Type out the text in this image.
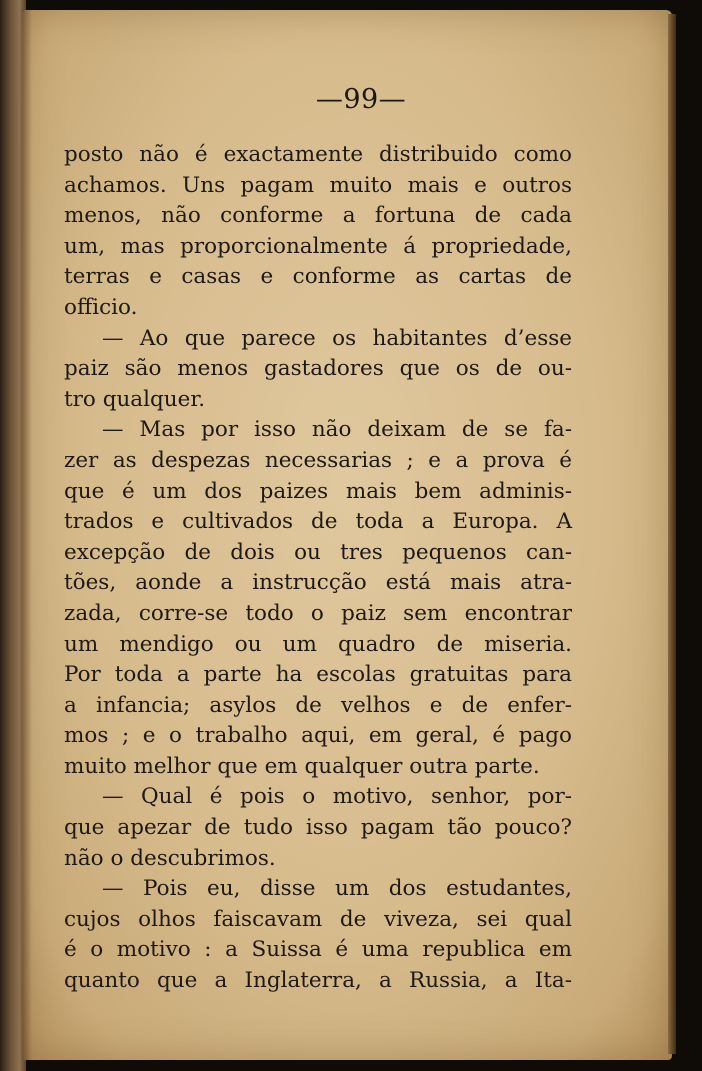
—99—
posto não é exactamente distribuido como
achamos. Uns pagam muito mais e outros
menos, não conforme a fortuna de cada
um, mas proporcionalmente á propriedade,
terras e casas e conforme as cartas de
officio.
— Ao que parece os habitantes d’esse
paiz são menos gastadores que os de ou-
tro qualquer.
— Mas por isso não deixam de se fa-
zer as despezas necessarias ; e a prova é
que é um dos paizes mais bem adminis-
trados e cultivados de toda a Europa. A
excepção de dois ou tres pequenos can-
tões, aonde a instrucção está mais atra-
zada, corre-se todo o paiz sem encontrar
um mendigo ou um quadro de miseria.
Por toda a parte ha escolas gratuitas para
a infancia; asylos de velhos e de enfer-
mos ; e o trabalho aqui, em geral, é pago
muito melhor que em qualquer outra parte.
— Qual é pois o motivo, senhor, por-
que apezar de tudo isso pagam tão pouco?
não o descubrimos.
— Pois eu, disse um dos estudantes,
cujos olhos faiscavam de viveza, sei qual
é o motivo : a Suissa é uma republica em
quanto que a Inglaterra, a Russia, a Ita-
